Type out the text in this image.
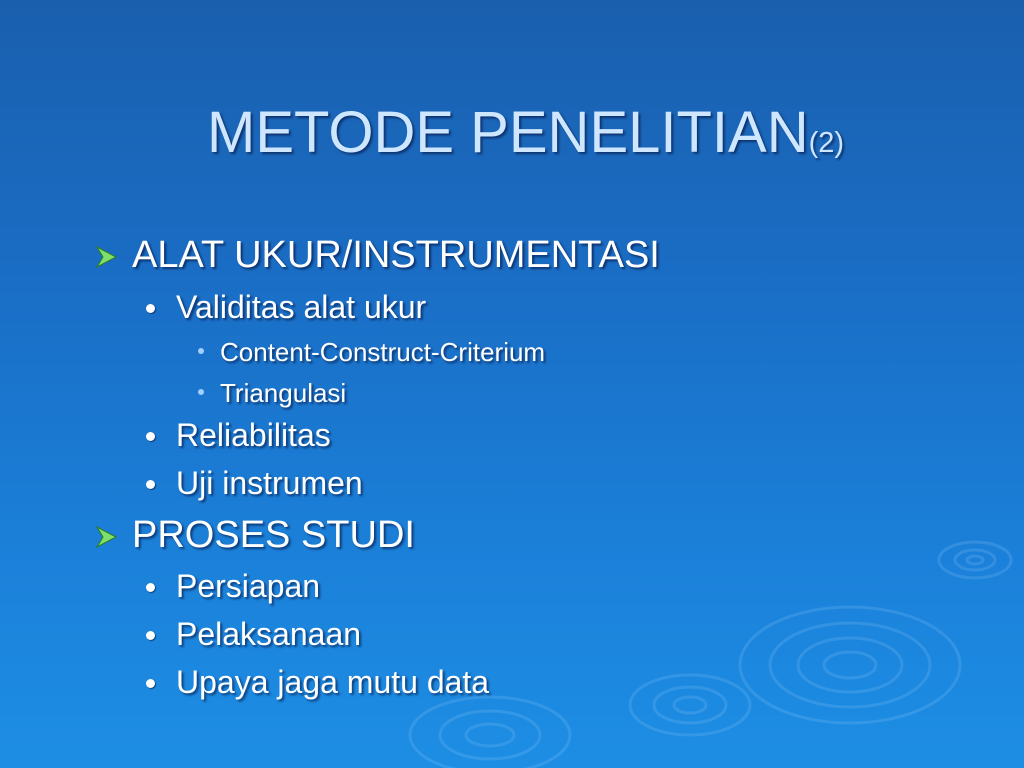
METODE PENELITIAN(2)
ALAT UKUR/INSTRUMENTASI
Validitas alat ukur
Content-Construct-Criterium
Triangulasi
Reliabilitas
Uji instrumen
PROSES STUDI
Persiapan
Pelaksanaan
Upaya jaga mutu data
